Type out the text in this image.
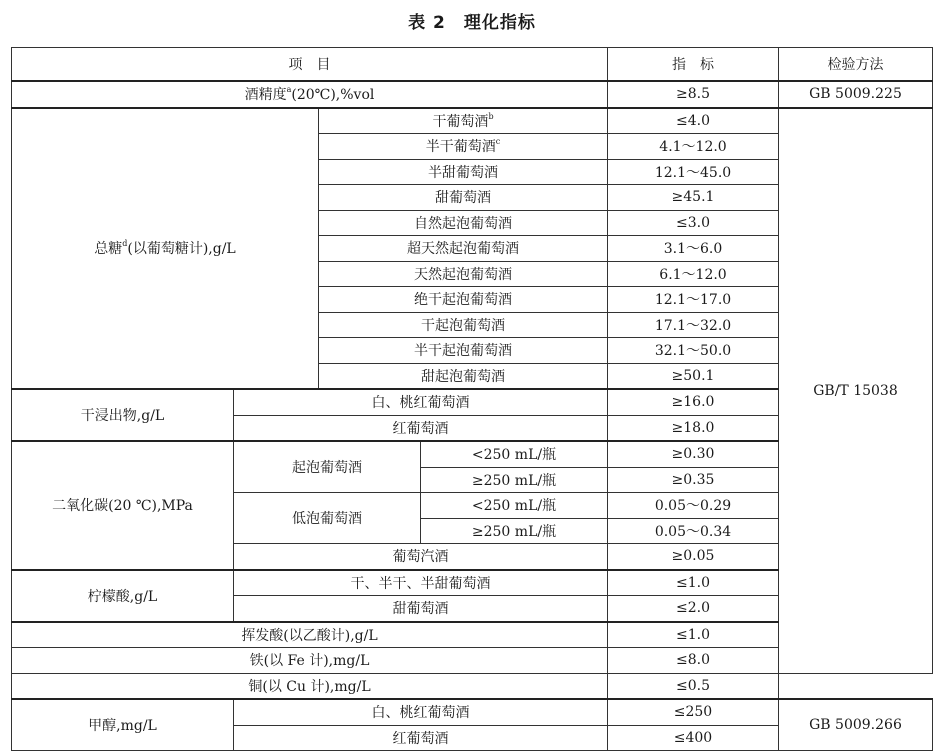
表 2 理化指标
项　目				指　标	检验方法
酒精度$^a$(20℃),%vol				≥8.5	GB 5009.225
总糖$^d$(以葡萄糖计),g/L		干葡萄酒$^b$		≤4.0	GB/T 15038
		半干葡萄酒$^c$		4.1～12.0	
		半甜葡萄酒		12.1～45.0	
		甜葡萄酒		≥45.1	
		自然起泡葡萄酒		≤3.0	
		超天然起泡葡萄酒		3.1～6.0	
		天然起泡葡萄酒		6.1～12.0	
		绝干起泡葡萄酒		12.1～17.0	
		干起泡葡萄酒		17.1～32.0	
		半干起泡葡萄酒		32.1～50.0	
		甜起泡葡萄酒		≥50.1	
干浸出物,g/L	白、桃红葡萄酒			≥16.0	
	红葡萄酒			≥18.0	
二氧化碳(20 ℃),MPa	起泡葡萄酒		<250 mL/瓶	≥0.30	
			≥250 mL/瓶	≥0.35	
	低泡葡萄酒		<250 mL/瓶	0.05～0.29	
			≥250 mL/瓶	0.05～0.34	
	葡萄汽酒			≥0.05	
柠檬酸,g/L	干、半干、半甜葡萄酒			≤1.0	
	甜葡萄酒			≤2.0	
挥发酸(以乙酸计),g/L				≤1.0	
铁(以 Fe 计),mg/L				≤8.0	
铜(以 Cu 计),mg/L				≤0.5	
甲醇,mg/L	白、桃红葡萄酒			≤250	GB 5009.266
	红葡萄酒			≤400	
